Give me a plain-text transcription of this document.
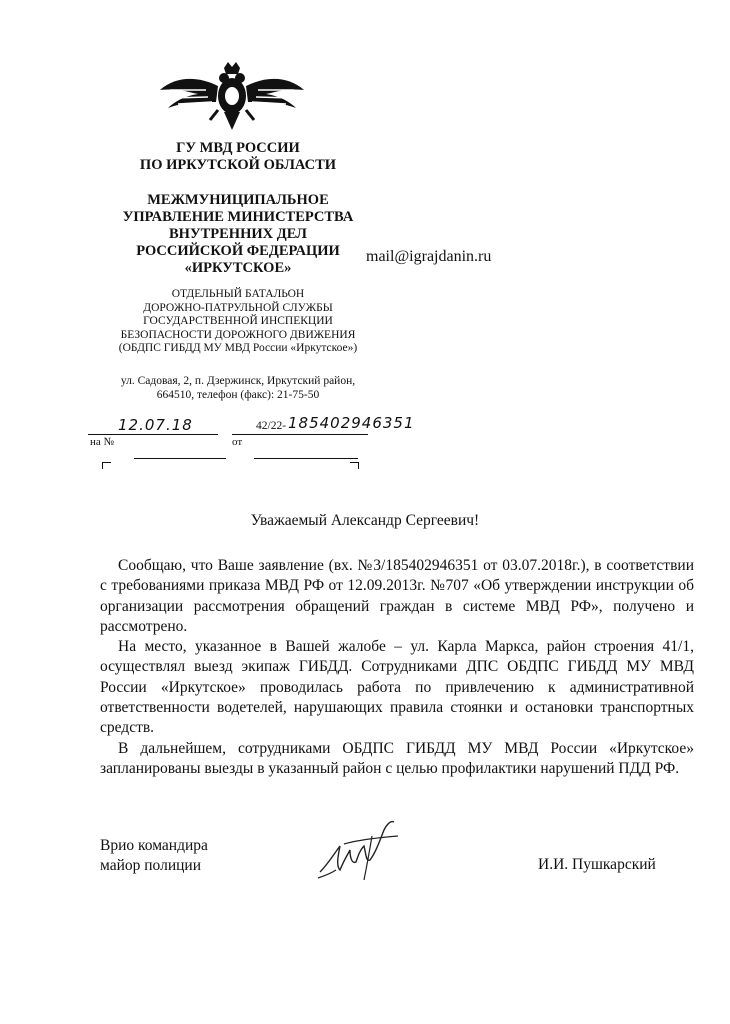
ГУ МВД РОССИИ
ПО ИРКУТСКОЙ ОБЛАСТИ
МЕЖМУНИЦИПАЛЬНОЕ
УПРАВЛЕНИЕ МИНИСТЕРСТВА
ВНУТРЕННИХ ДЕЛ
РОССИЙСКОЙ ФЕДЕРАЦИИ
«ИРКУТСКОЕ»
mail@igrajdanin.ru
ОТДЕЛЬНЫЙ БАТАЛЬОН
ДОРОЖНО-ПАТРУЛЬНОЙ СЛУЖБЫ
ГОСУДАРСТВЕННОЙ ИНСПЕКЦИИ
БЕЗОПАСНОСТИ ДОРОЖНОГО ДВИЖЕНИЯ
(ОБДПС ГИБДД МУ МВД России «Иркутское»)
ул. Садовая, 2, п. Дзержинск, Иркутский район,
664510, телефон (факс): 21-75-50
12.07.18	42/22- 185402946351
на №	от
Уважаемый Александр Сергеевич!

Сообщаю, что Ваше заявление (вх. №3/185402946351 от 03.07.2018г.), в соответствии с требованиями приказа МВД РФ от 12.09.2013г. №707 «Об утверждении инструкции об организации рассмотрения обращений граждан в системе МВД РФ», получено и рассмотрено.

На место, указанное в Вашей жалобе – ул. Карла Маркса, район строения 41/1, осуществлял выезд экипаж ГИБДД. Сотрудниками ДПС ОБДПС ГИБДД МУ МВД России «Иркутское» проводилась работа по привлечению к административной ответственности водетелей, нарушающих правила стоянки и остановки транспортных средств.

В дальнейшем, сотрудниками ОБДПС ГИБДД МУ МВД России «Иркутское» запланированы выезды в указанный район с целью профилактики нарушений ПДД РФ.

Врио командира
майор полиции	И.И. Пушкарский
